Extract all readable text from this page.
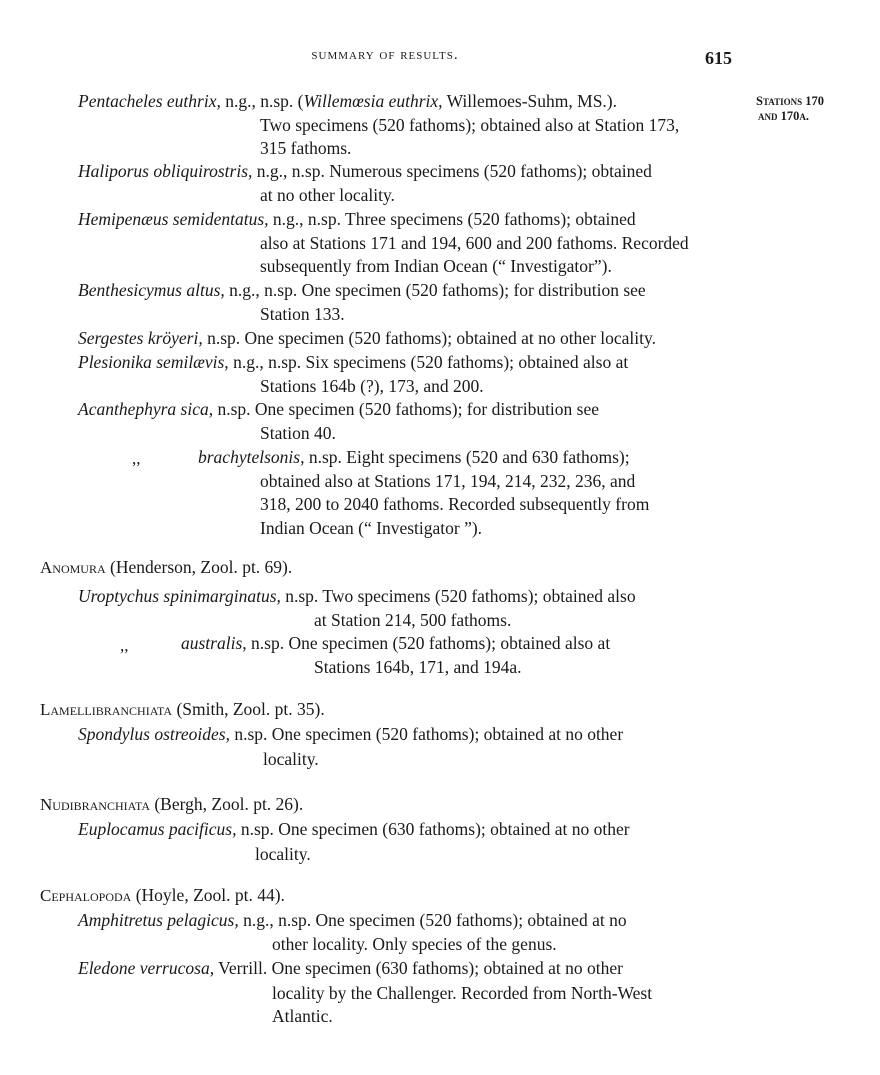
summary of results.	615
Stations 170
and 170a.
Pentacheles euthrix, n.g., n.sp. (Willemœsia euthrix, Willemoes-Suhm, MS.).
Two specimens (520 fathoms); obtained also at Station 173,
315 fathoms.
Haliporus obliquirostris, n.g., n.sp. Numerous specimens (520 fathoms); obtained
at no other locality.
Hemipenæus semidentatus, n.g., n.sp. Three specimens (520 fathoms); obtained
also at Stations 171 and 194, 600 and 200 fathoms. Recorded
subsequently from Indian Ocean (“ Investigator”).
Benthesicymus altus, n.g., n.sp. One specimen (520 fathoms); for distribution see
Station 133.
Sergestes kröyeri, n.sp. One specimen (520 fathoms); obtained at no other locality.
Plesionika semilævis, n.g., n.sp. Six specimens (520 fathoms); obtained also at
Stations 164b (?), 173, and 200.
Acanthephyra sica, n.sp. One specimen (520 fathoms); for distribution see
Station 40.
,,	brachytelsonis, n.sp. Eight specimens (520 and 630 fathoms);
obtained also at Stations 171, 194, 214, 232, 236, and
318, 200 to 2040 fathoms. Recorded subsequently from
Indian Ocean (“ Investigator ”).
Anomura (Henderson, Zool. pt. 69).
Uroptychus spinimarginatus, n.sp. Two specimens (520 fathoms); obtained also
at Station 214, 500 fathoms.
,,	australis, n.sp. One specimen (520 fathoms); obtained also at
Stations 164b, 171, and 194a.
Lamellibranchiata (Smith, Zool. pt. 35).
Spondylus ostreoides, n.sp. One specimen (520 fathoms); obtained at no other
locality.
Nudibranchiata (Bergh, Zool. pt. 26).
Euplocamus pacificus, n.sp. One specimen (630 fathoms); obtained at no other
locality.
Cephalopoda (Hoyle, Zool. pt. 44).
Amphitretus pelagicus, n.g., n.sp. One specimen (520 fathoms); obtained at no
other locality. Only species of the genus.
Eledone verrucosa, Verrill. One specimen (630 fathoms); obtained at no other
locality by the Challenger. Recorded from North-West
Atlantic.
